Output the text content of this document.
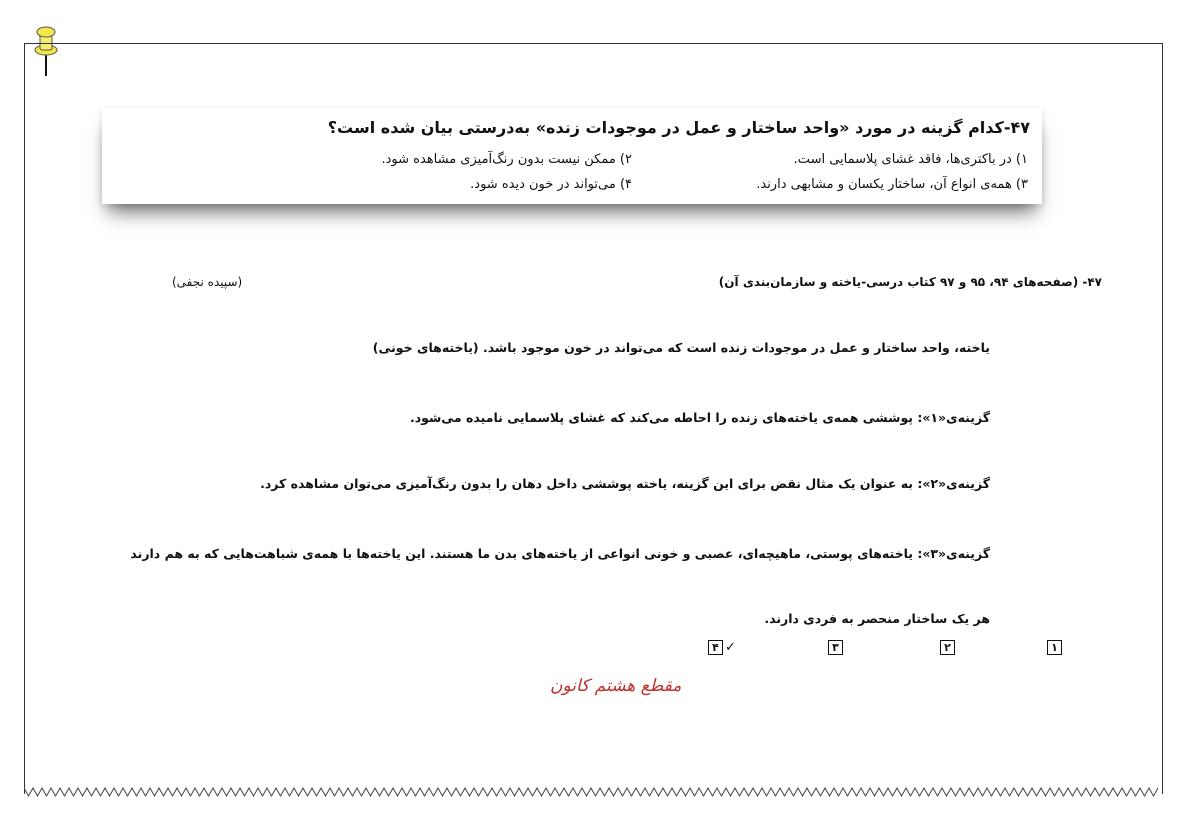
۴۷-کدام گزینه در مورد «واحد ساختار و عمل در موجودات زنده» به‌درستی بیان شده است؟
۱) در باکتری‌ها، فاقد غشای پلاسمایی است.
۲) ممکن نیست بدون رنگ‌آمیزی مشاهده شود.
۳) همه‌ی انواع آن، ساختار یکسان و مشابهی دارند.
۴) می‌تواند در خون دیده شود.
۴۷- (صفحه‌های ۹۴، ۹۵ و ۹۷ کتاب درسی-یاخته و سازمان‌بندی آن)
(سپیده نجفی)
یاخته، واحد ساختار و عمل در موجودات زنده است که می‌تواند در خون موجود باشد. (یاخته‌های خونی)
گزینه‌ی«۱»: پوششی همه‌ی یاخته‌های زنده را احاطه می‌کند که غشای پلاسمایی نامیده می‌شود.
گزینه‌ی«۲»: به عنوان یک مثال نقض برای این گزینه، یاخته پوششی داخل دهان را بدون رنگ‌آمیزی می‌توان مشاهده کرد.
گزینه‌ی«۳»: یاخته‌های پوستی، ماهیچه‌ای، عصبی و خونی انواعی از یاخته‌های بدن ما هستند. این یاخته‌ها با همه‌ی شباهت‌هایی که به هم دارند
هر یک ساختار منحصر به فردی دارند.
۱
۲
۳
۴ ✓
مقطع هشتم کانون
